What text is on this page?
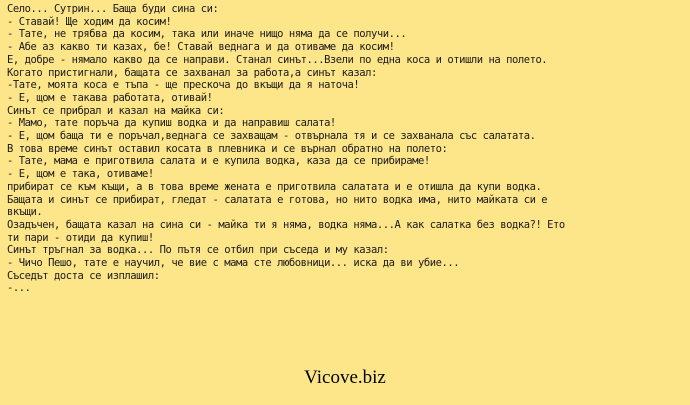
Село... Сутрин... Баща буди сина си:
- Ставай! Ще ходим да косим!
- Тате, не трябва да косим, така или иначе нищо няма да се получи...
- Абе аз какво ти казах, бе! Ставай веднага и да отиваме да косим!
Е, добре - нямало какво да се направи. Станал синът...Взели по една коса и отишли на полето.
Когато пристигнали, бащата се захванал за работа,а синът казал:
-Тате, моята коса е тъпа - ще прескоча до вкъщи да я наточа!
- Е, щом е такава работата, отивай!
Синът се прибрал и казал на майка си:
- Мамо, тате поръча да купиш водка и да направиш салата!
- Е, щом баща ти е поръчал,веднага се захващам - отвърнала тя и се захванала със салатата.
В това време синът оставил косата в плевника и се върнал обратно на полето:
- Тате, мама е приготвила салата и е купила водка, каза да се прибираме!
- Е, щом е така, отиваме!
прибират се към къщи, а в това време жената е приготвила салатата и е отишла да купи водка.
Бащата и синът се прибират, гледат - салатата е готова, но нито водка има, нито майката си е
вкъщи.
Озадъчен, бащата казал на сина си - майка ти я няма, водка няма...А как салатка без водка?! Ето
ти пари - отиди да купиш!
Синът тръгнал за водка... По пътя се отбил при съседа и му казал:
- Чичо Пешо, тате е научил, че вие с мама сте любовници... иска да ви убие...
Съседът доста се изплашил:
-...
Vicove.biz
